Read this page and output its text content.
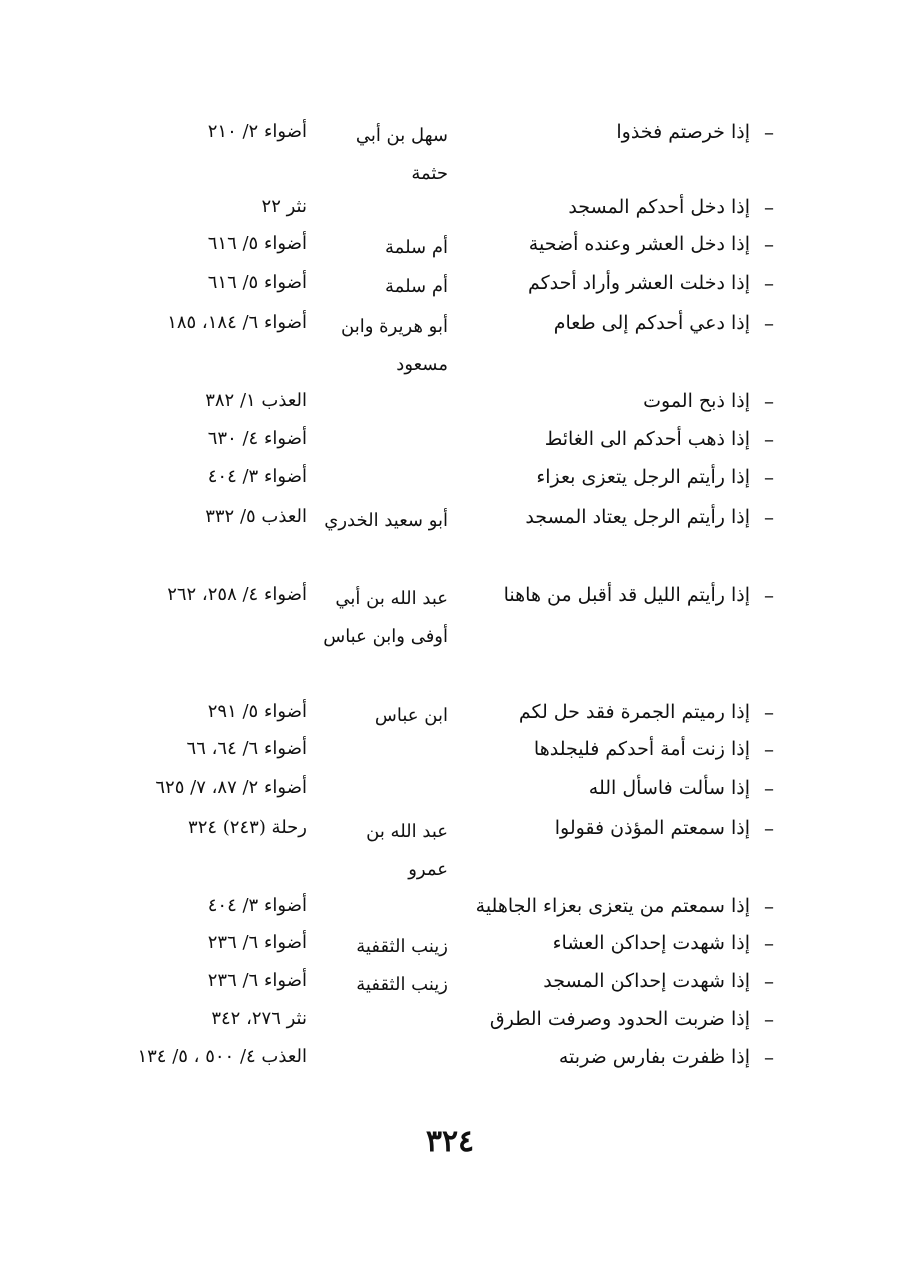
–
إذا خرصتم فخذوا
سهل بن أبي حثمة
أضواء ٢/ ٢١٠
–
إذا دخل أحدكم المسجد
نثر ٢٢
–
إذا دخل العشر وعنده أضحية
أم سلمة
أضواء ٥/ ٦١٦
–
إذا دخلت العشر وأراد أحدكم
أم سلمة
أضواء ٥/ ٦١٦
–
إذا دعي أحدكم إلى طعام
أبو هريرة وابن مسعود
أضواء ٦/ ١٨٤، ١٨٥
–
إذا ذبح الموت
العذب ١/ ٣٨٢
–
إذا ذهب أحدكم الى الغائط
أضواء ٤/ ٦٣٠
–
إذا رأيتم الرجل يتعزى بعزاء
أضواء ٣/ ٤٠٤
–
إذا رأيتم الرجل يعتاد المسجد
أبو سعيد الخدري
العذب ٥/ ٣٣٢
–
إذا رأيتم الليل قد أقبل من هاهنا
عبد الله بن أبي أوفى وابن عباس
أضواء ٤/ ٢٥٨، ٢٦٢
–
إذا رميتم الجمرة فقد حل لكم
ابن عباس
أضواء ٥/ ٢٩١
–
إذا زنت أمة أحدكم فليجلدها
أضواء ٦/ ٦٤، ٦٦
–
إذا سألت فاسأل الله
أضواء ٢/ ٨٧، ٧/ ٦٢٥
–
إذا سمعتم المؤذن فقولوا
عبد الله بن عمرو
رحلة (٢٤٣) ٣٢٤
–
إذا سمعتم من يتعزى بعزاء الجاهلية
أضواء ٣/ ٤٠٤
–
إذا شهدت إحداكن العشاء
زينب الثقفية
أضواء ٦/ ٢٣٦
–
إذا شهدت إحداكن المسجد
زينب الثقفية
أضواء ٦/ ٢٣٦
–
إذا ضربت الحدود وصرفت الطرق
نثر ٢٧٦، ٣٤٢
–
إذا ظفرت بفارس ضربته
العذب ٤/ ٥٠٠ ، ٥/ ١٣٤
٣٢٤
